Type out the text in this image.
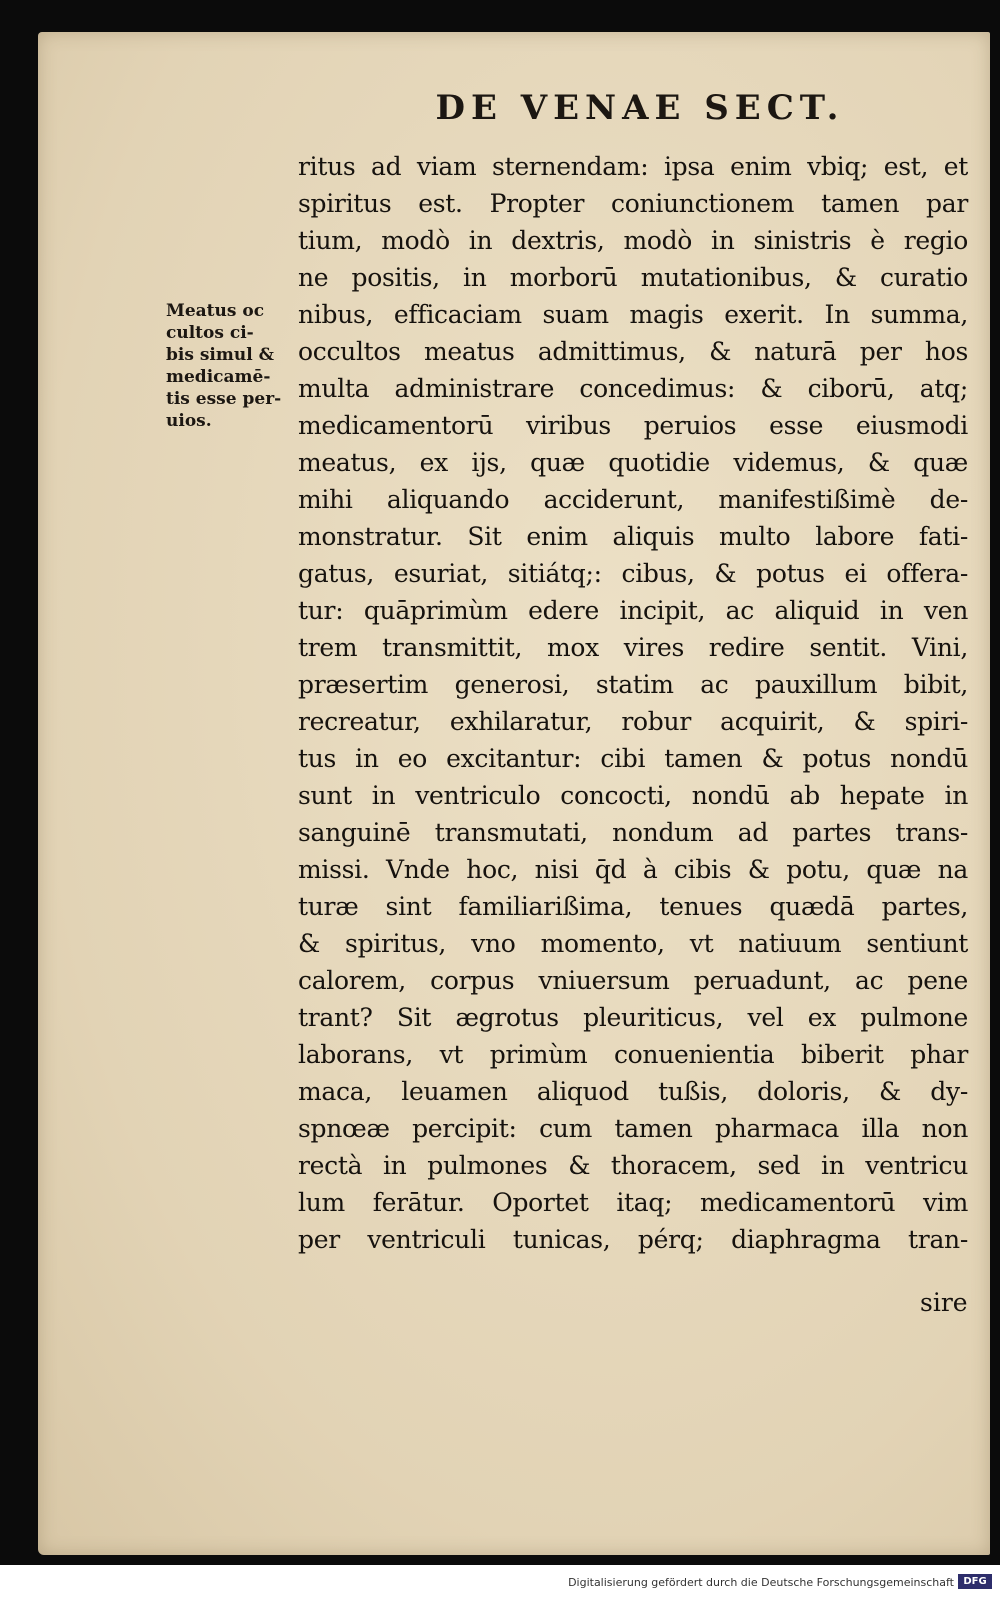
DE VENAE SECT.
Meatus oc
cultos ci-
bis simul &
medicamē-
tis esse per-
uios.
ritus ad viam sternendam: ipsa enim vbiq; est, et
spiritus est. Propter coniunctionem tamen par
tium, modò in dextris, modò in sinistris è regio
ne positis, in morborū mutationibus, & curatio
nibus, efficaciam suam magis exerit. In summa,
occultos meatus admittimus, & naturā per hos
multa administrare concedimus: & ciborū, atq;
medicamentorū viribus peruios esse eiusmodi
meatus, ex ijs, quæ quotidie videmus, & quæ
mihi aliquando acciderunt, manifestißimè de-
monstratur. Sit enim aliquis multo labore fati-
gatus, esuriat, sitiátq;: cibus, & potus ei offera-
tur: quāprimùm edere incipit, ac aliquid in ven
trem transmittit, mox vires redire sentit. Vini,
præsertim generosi, statim ac pauxillum bibit,
recreatur, exhilaratur, robur acquirit, & spiri-
tus in eo excitantur: cibi tamen & potus nondū
sunt in ventriculo concocti, nondū ab hepate in
sanguinē transmutati, nondum ad partes trans-
missi. Vnde hoc, nisi q̄d à cibis & potu, quæ na
turæ sint familiarißima, tenues quædā partes,
& spiritus, vno momento, vt natiuum sentiunt
calorem, corpus vniuersum peruadunt, ac pene
trant? Sit ægrotus pleuriticus, vel ex pulmone
laborans, vt primùm conuenientia biberit phar
maca, leuamen aliquod tußis, doloris, & dy-
spnœæ percipit: cum tamen pharmaca illa non
rectà in pulmones & thoracem, sed in ventricu
lum ferātur. Oportet itaq; medicamentorū vim
per ventriculi tunicas, pérq; diaphragma tran-
sire
Digitalisierung gefördert durch die Deutsche Forschungsgemeinschaft DFG
